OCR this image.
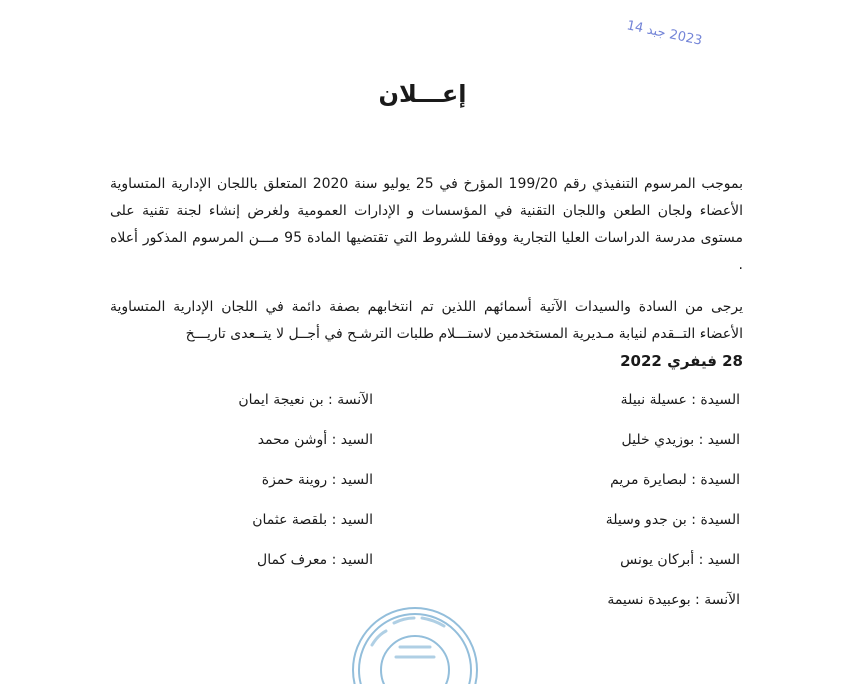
2023 جبد 14
إعـــلان
بموجب المرسوم التنفيذي رقم 199/20 المؤرخ في 25 يوليو سنة 2020 المتعلق باللجان الإدارية المتساوية الأعضاء ولجان الطعن واللجان التقنية في المؤسسات و الإدارات العمومية ولغرض إنشاء لجنة تقنية على مستوى مدرسة الدراسات العليا التجارية ووفقا للشروط التي تقتضيها المادة 95 مـــن المرسوم المذكور أعلاه .
يرجى من السادة والسيدات الآتية أسمائهم اللذين تم انتخابهم بصفة دائمة في اللجان الإدارية المتساوية الأعضاء التــقدم لنيابة مـديرية المستخدمين لاستـــلام طلبات الترشـح في أجــل لا يتــعدى تاريـــخ
28 فيفري 2022
السيدة : عسيلة نبيلة
السيد : بوزيدي خليل
السيدة : لبصايرة مريم
السيدة : بن جدو وسيلة
السيد : أبركان يونس
الآنسة : بوعبيدة نسيمة
الآنسة : بن نعيجة ايمان
السيد : أوشن محمد
السيد : روينة حمزة
السيد : بلقصة عثمان
السيد : معرف كمال
